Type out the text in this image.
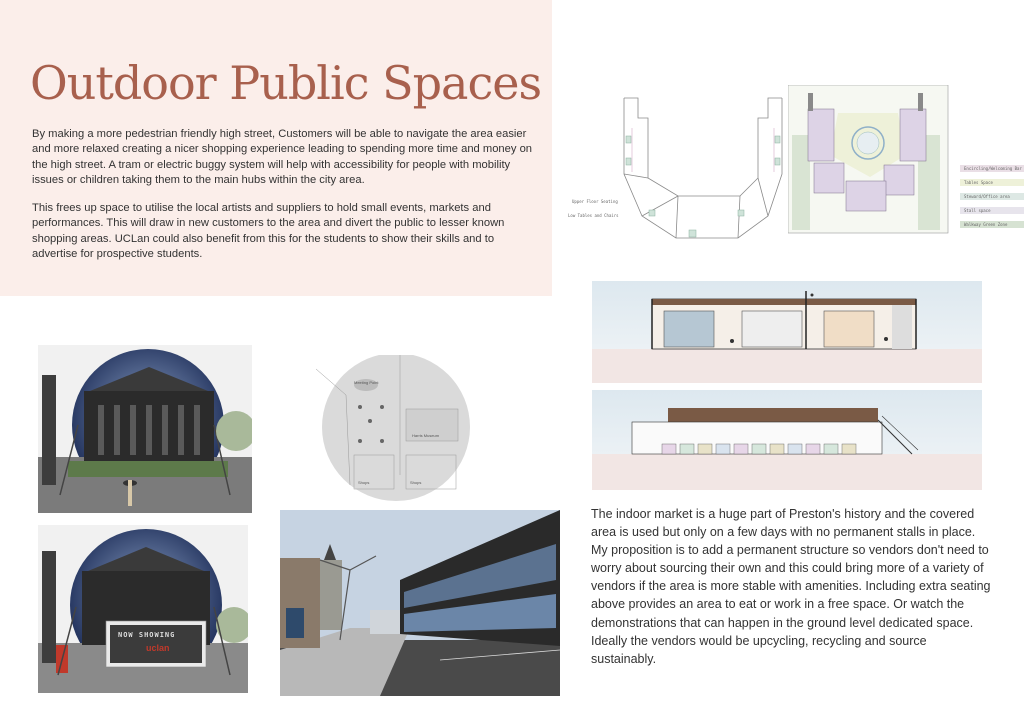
Outdoor Public Spaces

By making a more pedestrian friendly high street, Customers will be able to navigate the area easier and more relaxed creating a nicer shopping experience leading to spending more time and money on the high street. A tram or electric buggy system will help with accessibility for people with mobility issues or children taking them to the main hubs within the city area.

This frees up space to utilise the local artists and suppliers to hold small events, markets and performances. This will draw in new customers to the area and divert the public to lesser known shopping areas. UCLan could also benefit from this for the students to show their skills and to advertise for prospective students.

Upper Floor Seating
Low Tables and Chairs
Encircling/Welcoming Bar
Tables Space
Steward/Office area
Stall space
Walkway Green Zone
Meeting Point
Harris Museum
Shops	Shops
NOW SHOWING
uclan

The indoor market is a huge part of Preston's history and the covered area is used but only on a few days with no permanent stalls in place. My proposition is to add a permanent structure so vendors don't need to worry about sourcing their own and this could bring more of a variety of vendors if the area is more stable with amenities. Including extra seating above provides an area to eat or work in a free space. Or watch the demonstrations that can happen in the ground level dedicated space.

Ideally the vendors would be upcycling, recycling and source sustainably.
